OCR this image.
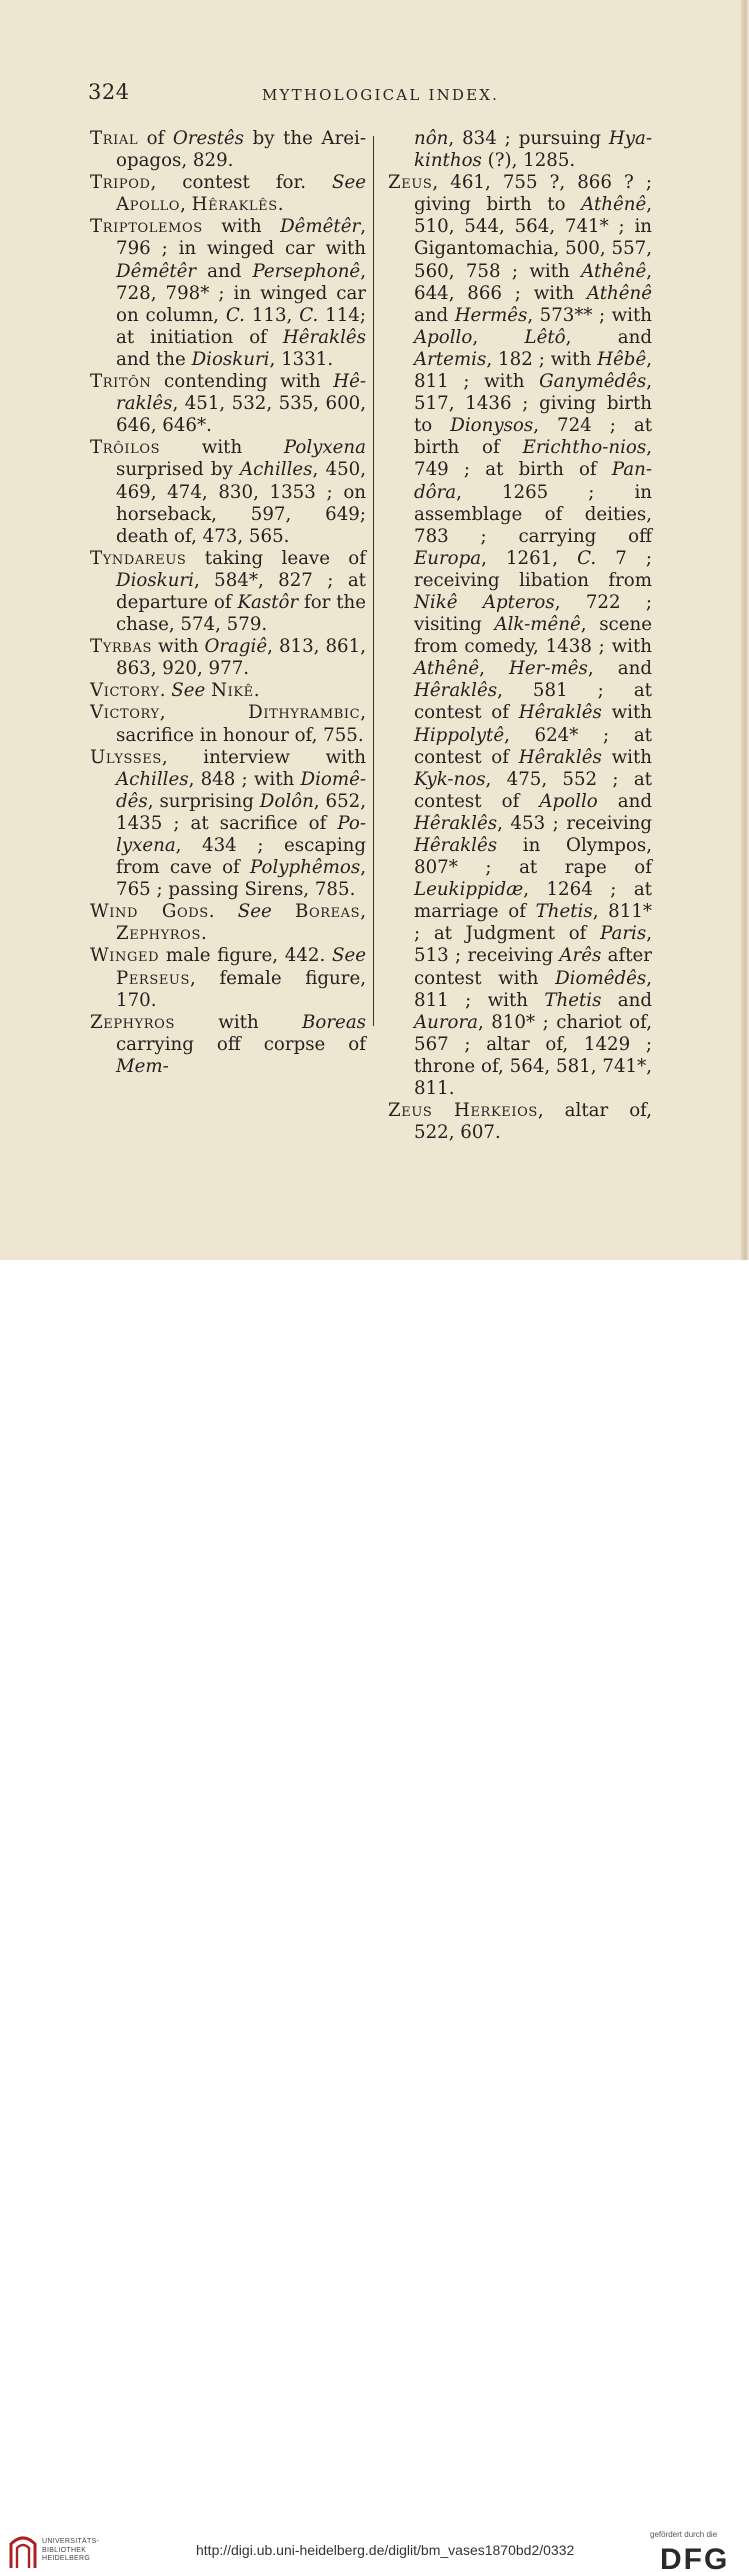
324	MYTHOLOGICAL INDEX.

Trial of Orestês by the Arei-opagos, 829.

Tripod, contest for. See Apollo, Hêraklês.

Triptolemos with Dêmêtêr, 796 ; in winged car with Dêmêtêr and Persephonê, 728, 798* ; in winged car on column, C. 113, C. 114; at initiation of Hêraklês and the Dioskuri, 1331.

Tritôn contending with Hê-raklês, 451, 532, 535, 600, 646, 646*.

Trôilos with Polyxena surprised by Achilles, 450, 469, 474, 830, 1353 ; on horseback, 597, 649; death of, 473, 565.

Tyndareus taking leave of Dioskuri, 584*, 827 ; at departure of Kastôr for the chase, 574, 579.

Tyrbas with Oragiê, 813, 861, 863, 920, 977.

Victory. See Nikê.

Victory, Dithyrambic, sacrifice in honour of, 755.

Ulysses, interview with Achilles, 848 ; with Diomê-dês, surprising Dolôn, 652, 1435 ; at sacrifice of Po-lyxena, 434 ; escaping from cave of Polyphêmos, 765 ; passing Sirens, 785.

Wind Gods. See Boreas, Zephyros.

Winged male figure, 442. See Perseus, female figure, 170.

Zephyros with Boreas carrying off corpse of Mem-

nôn, 834 ; pursuing Hya-kinthos (?), 1285.

Zeus, 461, 755 ?, 866 ? ; giving birth to Athênê, 510, 544, 564, 741* ; in Gigantomachia, 500, 557, 560, 758 ; with Athênê, 644, 866 ; with Athênê and Hermês, 573** ; with Apollo, Lêtô, and Artemis, 182 ; with Hêbê, 811 ; with Ganymêdês, 517, 1436 ; giving birth to Dionysos, 724 ; at birth of Erichtho-nios, 749 ; at birth of Pan-dôra, 1265 ; in assemblage of deities, 783 ; carrying off Europa, 1261, C. 7 ; receiving libation from Nikê Apteros, 722 ; visiting Alk-mênê, scene from comedy, 1438 ; with Athênê, Her-mês, and Hêraklês, 581 ; at contest of Hêraklês with Hippolytê, 624* ; at contest of Hêraklês with Kyk-nos, 475, 552 ; at contest of Apollo and Hêraklês, 453 ; receiving Hêraklês in Olympos, 807* ; at rape of Leukippidæ, 1264 ; at marriage of Thetis, 811* ; at Judgment of Paris, 513 ; receiving Arês after contest with Diomêdês, 811 ; with Thetis and Aurora, 810* ; chariot of, 567 ; altar of, 1429 ; throne of, 564, 581, 741*, 811.

Zeus Herkeios, altar of, 522, 607.

UNIVERSITÄTS-
BIBLIOTHEK
HEIDELBERG
http://digi.ub.uni-heidelberg.de/diglit/bm_vases1870bd2/0332
gefördert durch die
DFG
